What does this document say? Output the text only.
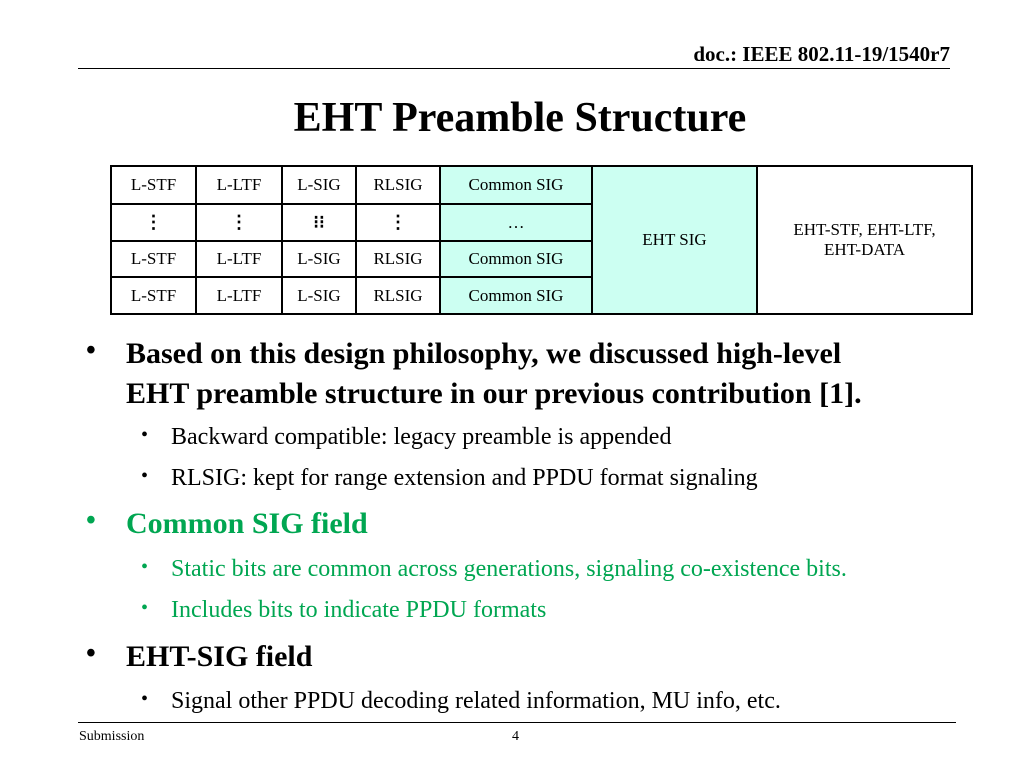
doc.: IEEE 802.11-19/1540r7
EHT Preamble Structure
L-STF	L-LTF	L-SIG	RLSIG	Common SIG
⋮	⋮	⁝⁝	⋮	…
L-STF	L-LTF	L-SIG	RLSIG	Common SIG
L-STF	L-LTF	L-SIG	RLSIG	Common SIG
EHT SIG
EHT-STF, EHT-LTF,
EHT-DATA
• Based on this design philosophy, we discussed high-level
EHT preamble structure in our previous contribution [1].
• Backward compatible: legacy preamble is appended
• RLSIG: kept for range extension and PPDU format signaling
• Common SIG field
• Static bits are common across generations, signaling co-existence bits.
• Includes bits to indicate PPDU formats
• EHT-SIG field
• Signal other PPDU decoding related information, MU info, etc.
Submission	4
